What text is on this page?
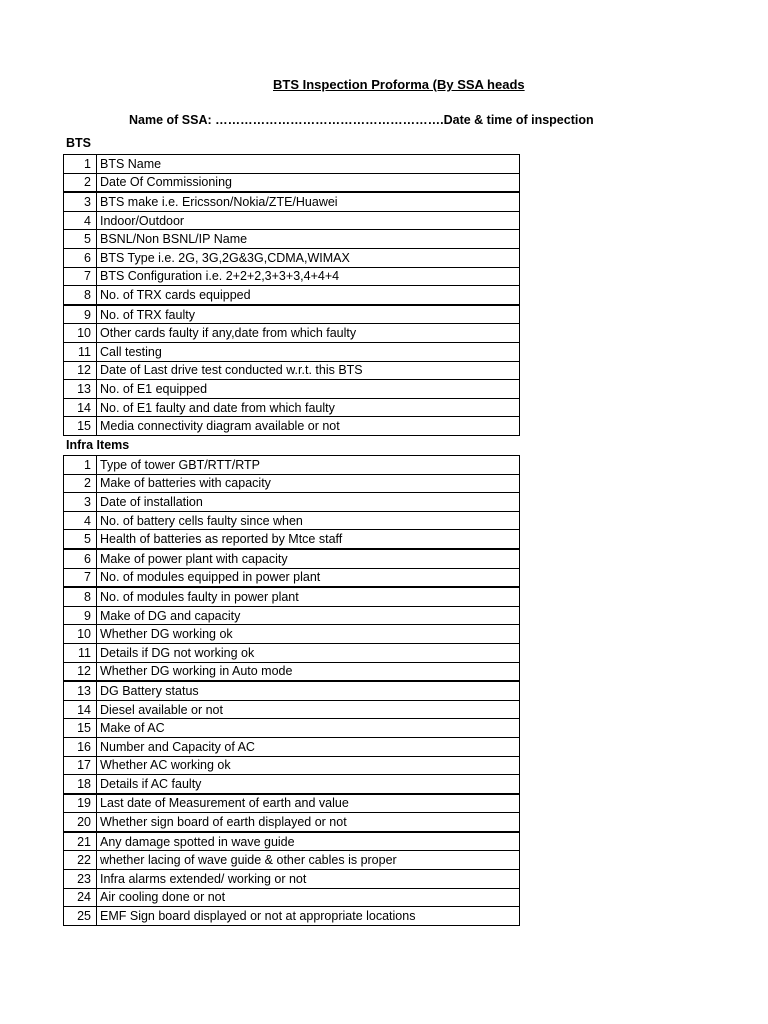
BTS Inspection Proforma (By SSA heads
Name of SSA: ……………………………………………….Date & time of inspection
BTS
1	BTS Name
2	Date Of Commissioning
3	BTS make i.e. Ericsson/Nokia/ZTE/Huawei
4	Indoor/Outdoor
5	BSNL/Non BSNL/IP Name
6	BTS Type i.e. 2G, 3G,2G&3G,CDMA,WIMAX
7	BTS Configuration i.e. 2+2+2,3+3+3,4+4+4
8	No. of TRX cards equipped
9	No. of TRX faulty
10	Other cards faulty if any,date from which faulty
11	Call testing
12	Date of Last drive test conducted w.r.t. this BTS
13	No. of E1 equipped
14	No. of E1 faulty and date from which faulty
15	Media connectivity diagram available or not
Infra Items
1	Type of tower GBT/RTT/RTP
2	Make of batteries with capacity
3	Date of installation
4	No. of battery cells faulty since when
5	Health of batteries as reported by Mtce staff
6	Make of power plant with capacity
7	No. of modules equipped in power plant
8	No. of modules faulty in power plant
9	Make of DG and capacity
10	Whether DG working ok
11	Details if DG not working ok
12	Whether DG working in Auto mode
13	DG Battery status
14	Diesel available or not
15	Make of AC
16	Number and Capacity of AC
17	Whether AC working ok
18	Details if AC faulty
19	Last date of Measurement of earth and value
20	Whether sign board of earth displayed or not
21	Any damage spotted in wave guide
22	whether lacing of wave guide & other cables is proper
23	Infra alarms extended/ working or not
24	Air cooling done or not
25	EMF Sign board displayed or not at appropriate locations
